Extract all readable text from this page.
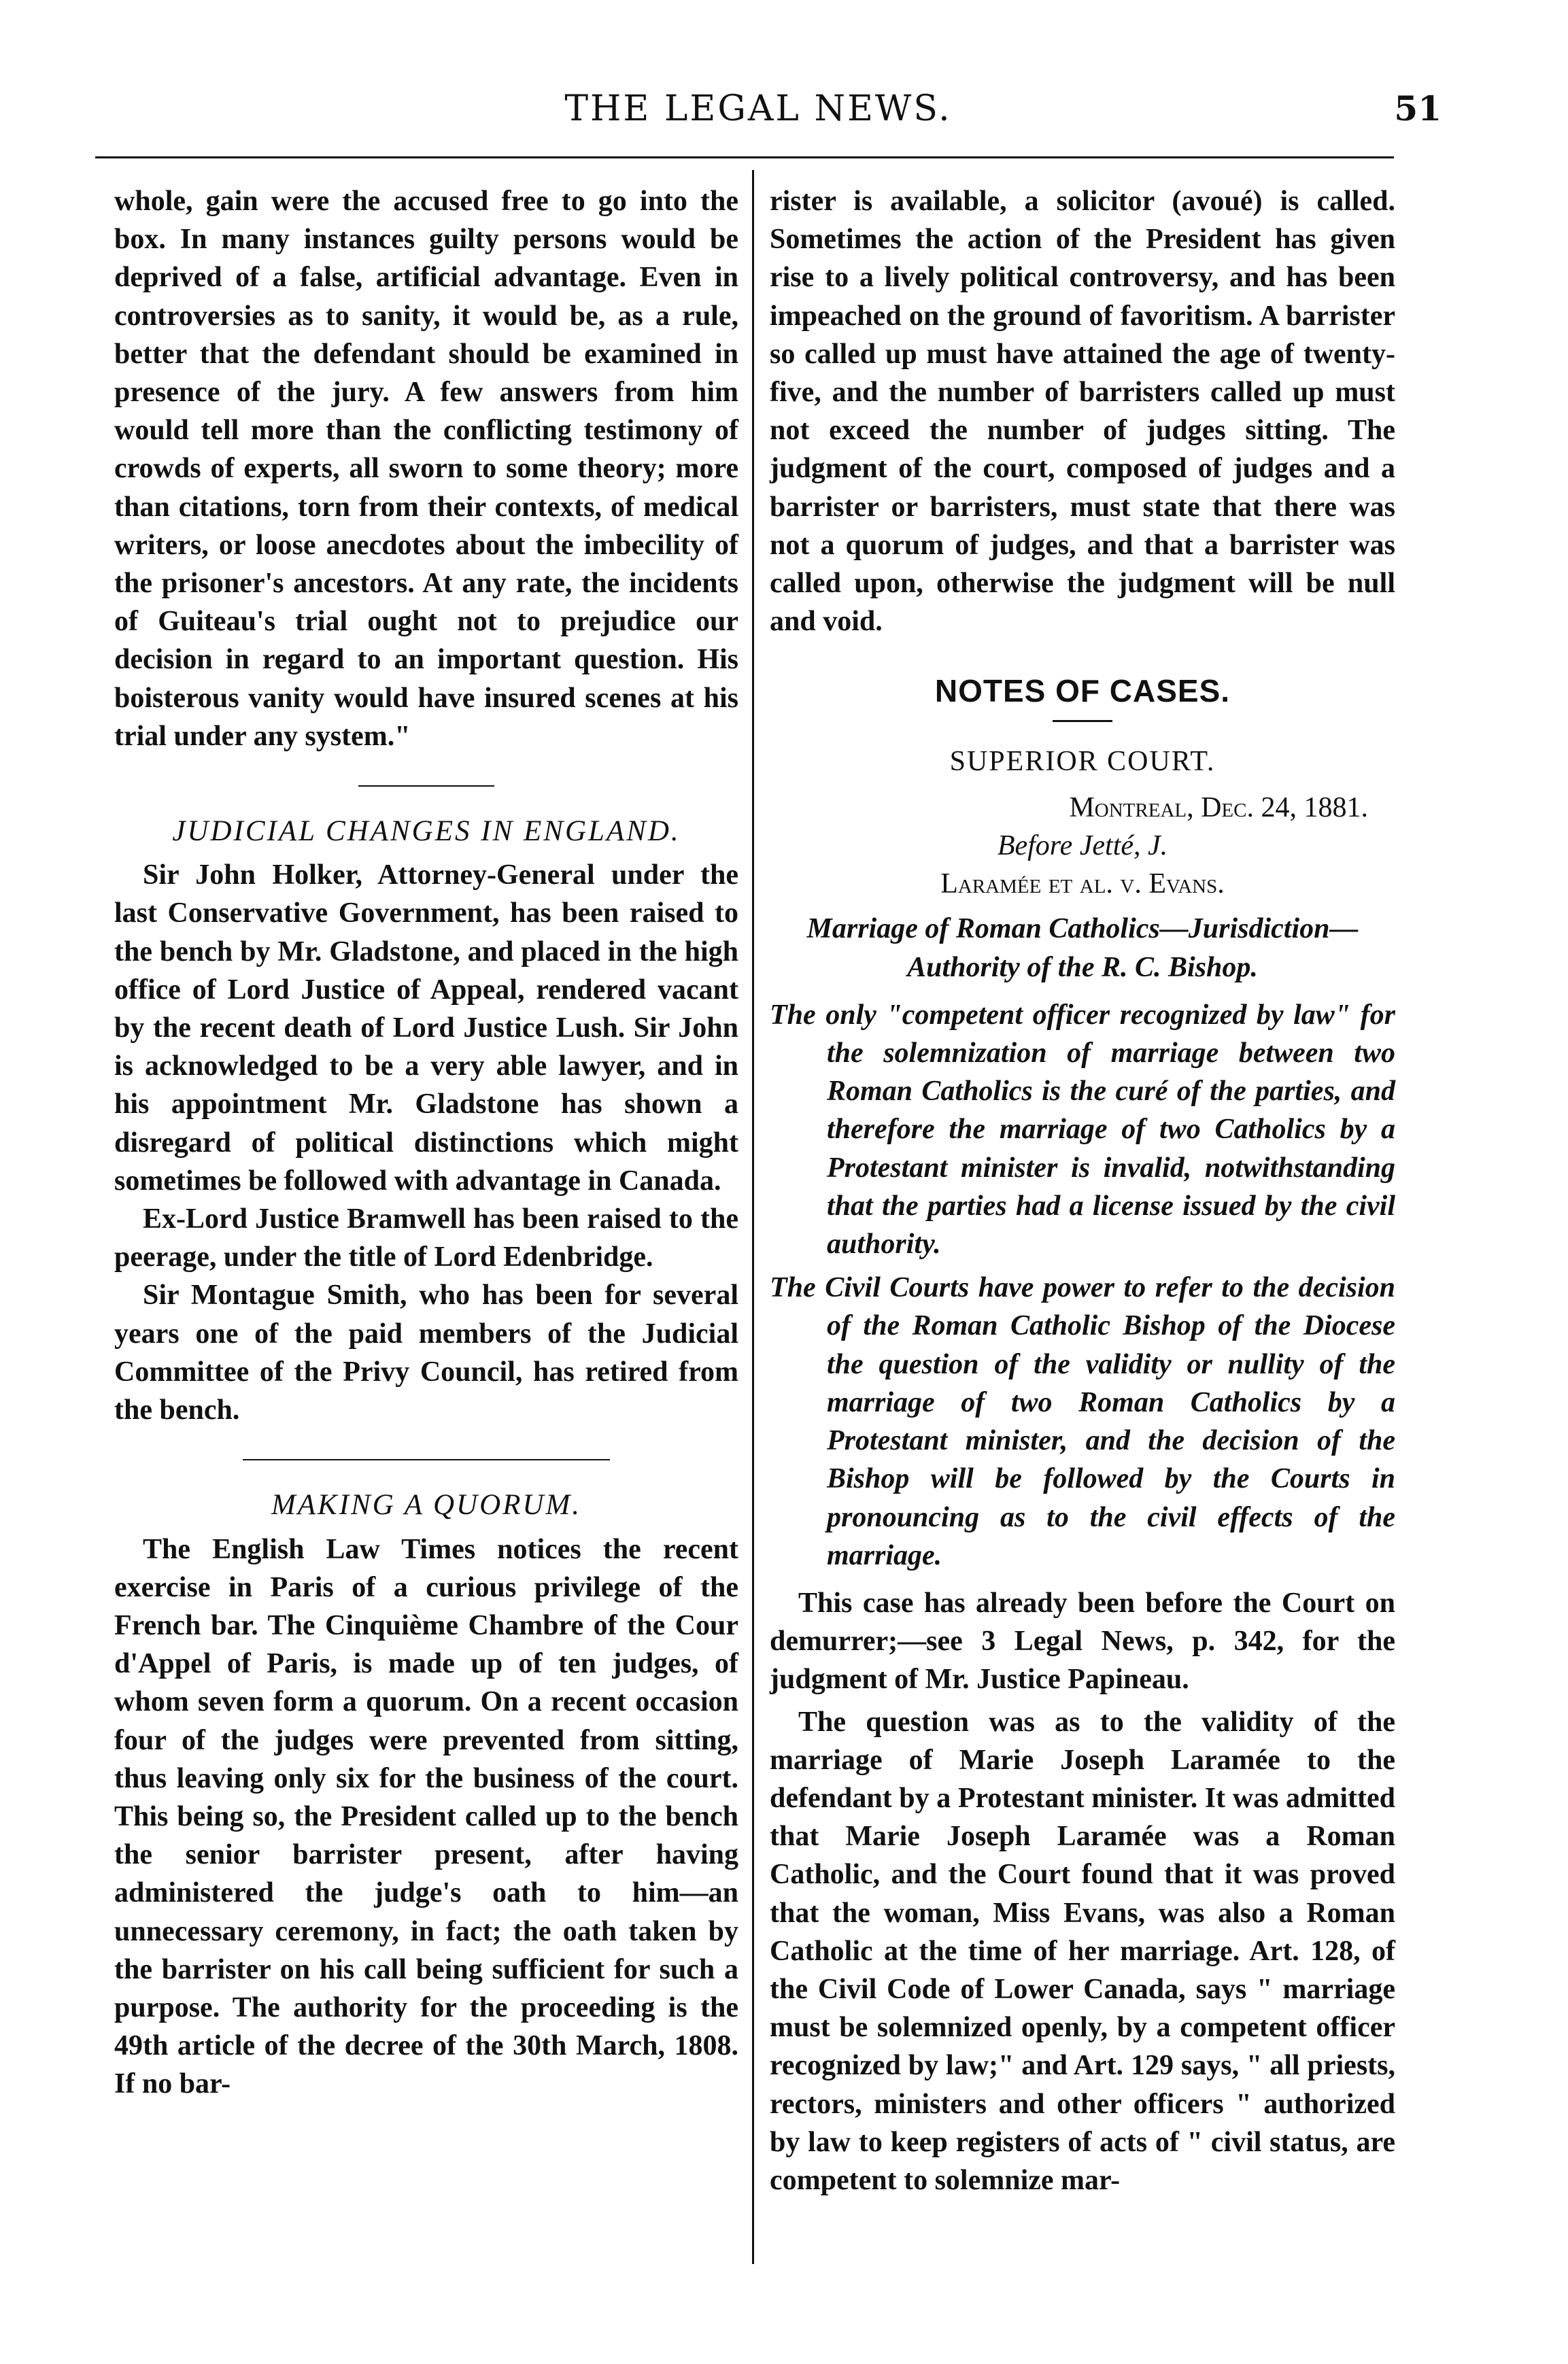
THE LEGAL NEWS.	51

whole, gain were the accused free to go into the box. In many instances guilty persons would be deprived of a false, artificial advantage. Even in controversies as to sanity, it would be, as a rule, better that the defendant should be examined in presence of the jury. A few answers from him would tell more than the conflicting testimony of crowds of experts, all sworn to some theory; more than citations, torn from their contexts, of medical writers, or loose anecdotes about the imbecility of the prisoner's ancestors. At any rate, the incidents of Guiteau's trial ought not to prejudice our decision in regard to an important question. His boisterous vanity would have insured scenes at his trial under any system."

JUDICIAL CHANGES IN ENGLAND.

Sir John Holker, Attorney-General under the last Conservative Government, has been raised to the bench by Mr. Gladstone, and placed in the high office of Lord Justice of Appeal, rendered vacant by the recent death of Lord Justice Lush. Sir John is acknowledged to be a very able lawyer, and in his appointment Mr. Gladstone has shown a disregard of political distinctions which might sometimes be followed with advantage in Canada.

Ex-Lord Justice Bramwell has been raised to the peerage, under the title of Lord Edenbridge.

Sir Montague Smith, who has been for several years one of the paid members of the Judicial Committee of the Privy Council, has retired from the bench.

MAKING A QUORUM.

The English Law Times notices the recent exercise in Paris of a curious privilege of the French bar. The Cinquième Chambre of the Cour d'Appel of Paris, is made up of ten judges, of whom seven form a quorum. On a recent occasion four of the judges were prevented from sitting, thus leaving only six for the business of the court. This being so, the President called up to the bench the senior barrister present, after having administered the judge's oath to him—an unnecessary ceremony, in fact; the oath taken by the barrister on his call being sufficient for such a purpose. The authority for the proceeding is the 49th article of the decree of the 30th March, 1808. If no bar-

rister is available, a solicitor (avoué) is called. Sometimes the action of the President has given rise to a lively political controversy, and has been impeached on the ground of favoritism. A barrister so called up must have attained the age of twenty-five, and the number of barristers called up must not exceed the number of judges sitting. The judgment of the court, composed of judges and a barrister or barristers, must state that there was not a quorum of judges, and that a barrister was called upon, otherwise the judgment will be null and void.

NOTES OF CASES.
SUPERIOR COURT.
Montreal, Dec. 24, 1881.
Before Jetté, J.
Laramée et al. v. Evans.
Marriage of Roman Catholics—Jurisdiction—Authority of the R. C. Bishop.

The only "competent officer recognized by law" for the solemnization of marriage between two Roman Catholics is the curé of the parties, and therefore the marriage of two Catholics by a Protestant minister is invalid, notwithstanding that the parties had a license issued by the civil authority.

The Civil Courts have power to refer to the decision of the Roman Catholic Bishop of the Diocese the question of the validity or nullity of the marriage of two Roman Catholics by a Protestant minister, and the decision of the Bishop will be followed by the Courts in pronouncing as to the civil effects of the marriage.

This case has already been before the Court on demurrer;—see 3 Legal News, p. 342, for the judgment of Mr. Justice Papineau.

The question was as to the validity of the marriage of Marie Joseph Laramée to the defendant by a Protestant minister. It was admitted that Marie Joseph Laramée was a Roman Catholic, and the Court found that it was proved that the woman, Miss Evans, was also a Roman Catholic at the time of her marriage. Art. 128, of the Civil Code of Lower Canada, says " marriage must be solemnized openly, by a competent officer recognized by law;" and Art. 129 says, " all priests, rectors, ministers and other officers " authorized by law to keep registers of acts of " civil status, are competent to solemnize mar-
